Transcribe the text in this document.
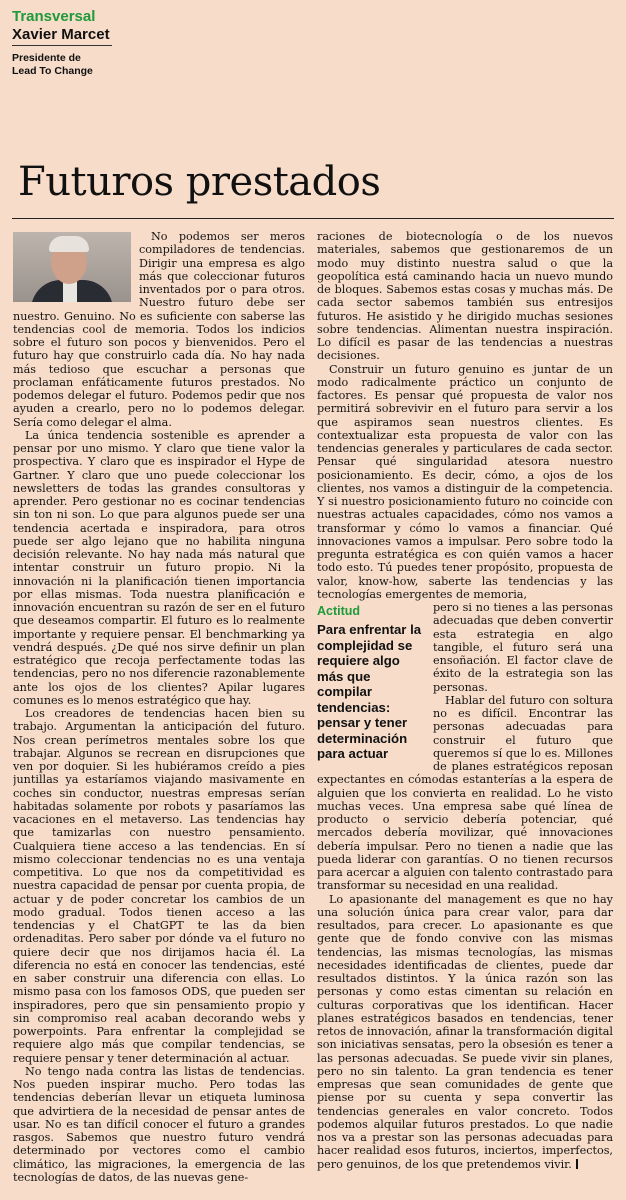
Transversal
Xavier Marcet
Presidente de
Lead To Change
Futuros prestados

No podemos ser meros compiladores de tendencias. Dirigir una empresa es algo más que coleccionar futuros inventados por o para otros. Nuestro futuro debe ser nuestro. Genuino. No es suficiente con saberse las tendencias cool de memoria. Todos los indicios sobre el futuro son pocos y bienvenidos. Pero el futuro hay que construirlo cada día. No hay nada más tedioso que escuchar a personas que proclaman enfáticamente futuros prestados. No podemos delegar el futuro. Podemos pedir que nos ayuden a crearlo, pero no lo podemos delegar. Sería como delegar el alma.

La única tendencia sostenible es aprender a pensar por uno mismo. Y claro que tiene valor la prospectiva. Y claro que es inspirador el Hype de Gartner. Y claro que uno puede coleccionar los newsletters de todas las grandes consultoras y aprender. Pero gestionar no es cocinar tendencias sin ton ni son. Lo que para algunos puede ser una tendencia acertada e inspiradora, para otros puede ser algo lejano que no habilita ninguna decisión relevante. No hay nada más natural que intentar construir un futuro propio. Ni la innovación ni la planificación tienen importancia por ellas mismas. Toda nuestra planificación e innovación encuentran su razón de ser en el futuro que deseamos compartir. El futuro es lo realmente importante y requiere pensar. El benchmarking ya vendrá después. ¿De qué nos sirve definir un plan estratégico que recoja perfectamente todas las tendencias, pero no nos diferencie razonablemente ante los ojos de los clientes? Apilar lugares comunes es lo menos estratégico que hay.

Los creadores de tendencias hacen bien su trabajo. Argumentan la anticipación del futuro. Nos crean perímetros mentales sobre los que trabajar. Algunos se recrean en disrupciones que ven por doquier. Si les hubiéramos creído a pies juntillas ya estaríamos viajando masivamente en coches sin conductor, nuestras empresas serían habitadas solamente por robots y pasaríamos las vacaciones en el metaverso. Las tendencias hay que tamizarlas con nuestro pensamiento. Cualquiera tiene acceso a las tendencias. En sí mismo coleccionar tendencias no es una ventaja competitiva. Lo que nos da competitividad es nuestra capacidad de pensar por cuenta propia, de actuar y de poder concretar los cambios de un modo gradual. Todos tienen acceso a las tendencias y el ChatGPT te las da bien ordenaditas. Pero saber por dónde va el futuro no quiere decir que nos dirijamos hacia él. La diferencia no está en conocer las tendencias, esté en saber construir una diferencia con ellas. Lo mismo pasa con los famosos ODS, que pueden ser inspiradores, pero que sin pensamiento propio y sin compromiso real acaban decorando webs y powerpoints. Para enfrentar la complejidad se requiere algo más que compilar tendencias, se requiere pensar y tener determinación al actuar.

No tengo nada contra las listas de tendencias. Nos pueden inspirar mucho. Pero todas las tendencias deberían llevar un etiqueta luminosa que advirtiera de la necesidad de pensar antes de usar. No es tan difícil conocer el futuro a grandes rasgos. Sabemos que nuestro futuro vendrá determinado por vectores como el cambio climático, las migraciones, la emergencia de las tecnologías de datos, de las nuevas gene-

raciones de biotecnología o de los nuevos materiales, sabemos que gestionaremos de un modo muy distinto nuestra salud o que la geopolítica está caminando hacia un nuevo mundo de bloques. Sabemos estas cosas y muchas más. De cada sector sabemos también sus entresijos futuros. He asistido y he dirigido muchas sesiones sobre tendencias. Alimentan nuestra inspiración. Lo difícil es pasar de las tendencias a nuestras decisiones.

Construir un futuro genuino es juntar de un modo radicalmente práctico un conjunto de factores. Es pensar qué propuesta de valor nos permitirá sobrevivir en el futuro para servir a los que aspiramos sean nuestros clientes. Es contextualizar esta propuesta de valor con las tendencias generales y particulares de cada sector. Pensar qué singularidad atesora nuestro posicionamiento. Es decir, cómo, a ojos de los clientes, nos vamos a distinguir de la competencia. Y si nuestro posicionamiento futuro no coincide con nuestras actuales capacidades, cómo nos vamos a transformar y cómo lo vamos a financiar. Qué innovaciones vamos a impulsar. Pero sobre todo la pregunta estratégica es con quién vamos a hacer todo esto. Tú puedes tener propósito, propuesta de valor, know-how, saberte las tendencias y las tecnologías emergentes de memoria,

Actitud
Para enfrentar la complejidad se requiere algo más que compilar tendencias: pensar y tener determinación para actuar

pero si no tienes a las personas adecuadas que deben convertir esta estrategia en algo tangible, el futuro será una ensoñación. El factor clave de éxito de la estrategia son las personas.

Hablar del futuro con soltura no es difícil. Encontrar las personas adecuadas para construir el futuro que queremos sí que lo es. Millones de planes estratégicos reposan expectantes en cómodas estanterías a la espera de alguien que los convierta en realidad. Lo he visto muchas veces. Una empresa sabe qué línea de producto o servicio debería potenciar, qué mercados debería movilizar, qué innovaciones debería impulsar. Pero no tienen a nadie que las pueda liderar con garantías. O no tienen recursos para acercar a alguien con talento contrastado para transformar su necesidad en una realidad.

Lo apasionante del management es que no hay una solución única para crear valor, para dar resultados, para crecer. Lo apasionante es que gente que de fondo convive con las mismas tendencias, las mismas tecnologías, las mismas necesidades identificadas de clientes, puede dar resultados distintos. Y la única razón son las personas y como estas cimentan su relación en culturas corporativas que los identifican. Hacer planes estratégicos basados en tendencias, tener retos de innovación, afinar la transformación digital son iniciativas sensatas, pero la obsesión es tener a las personas adecuadas. Se puede vivir sin planes, pero no sin talento. La gran tendencia es tener empresas que sean comunidades de gente que piense por su cuenta y sepa convertir las tendencias generales en valor concreto. Todos podemos alquilar futuros prestados. Lo que nadie nos va a prestar son las personas adecuadas para hacer realidad esos futuros, inciertos, imperfectos, pero genuinos, de los que pretendemos vivir.
